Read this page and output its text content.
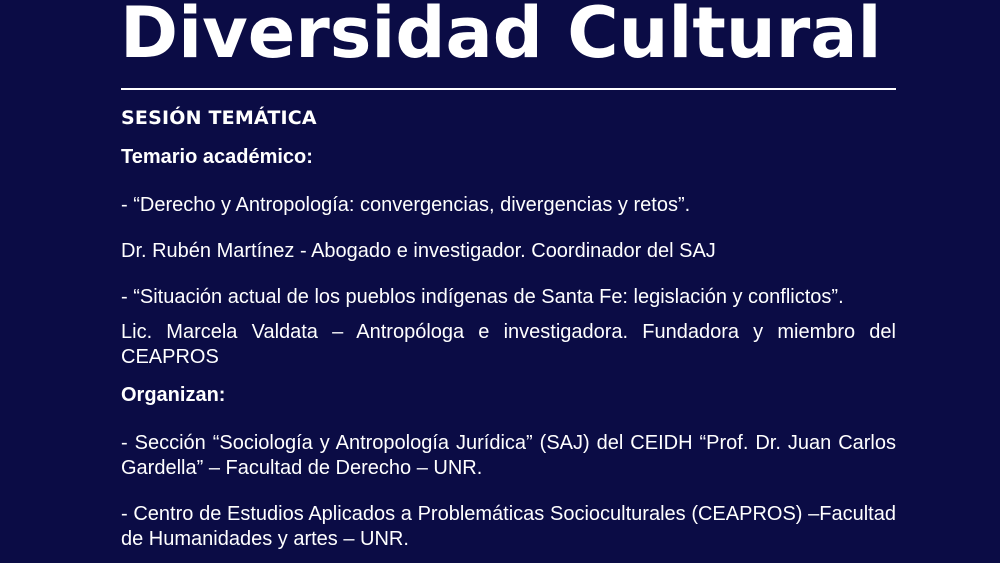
Diversidad Cultural
SESIÓN TEMÁTICA
Temario académico:
- “Derecho y Antropología: convergencias, divergencias y retos”.
Dr. Rubén Martínez - Abogado e investigador. Coordinador del SAJ
- “Situación actual de los pueblos indígenas de Santa Fe: legislación y conflictos”.
Lic. Marcela Valdata – Antropóloga e investigadora. Fundadora y miembro del CEAPROS
Organizan:
- Sección “Sociología y Antropología Jurídica” (SAJ) del CEIDH “Prof. Dr. Juan Carlos Gardella” – Facultad de Derecho – UNR.
- Centro de Estudios Aplicados a Problemáticas Socioculturales (CEAPROS) –Facultad de Humanidades y artes – UNR.
